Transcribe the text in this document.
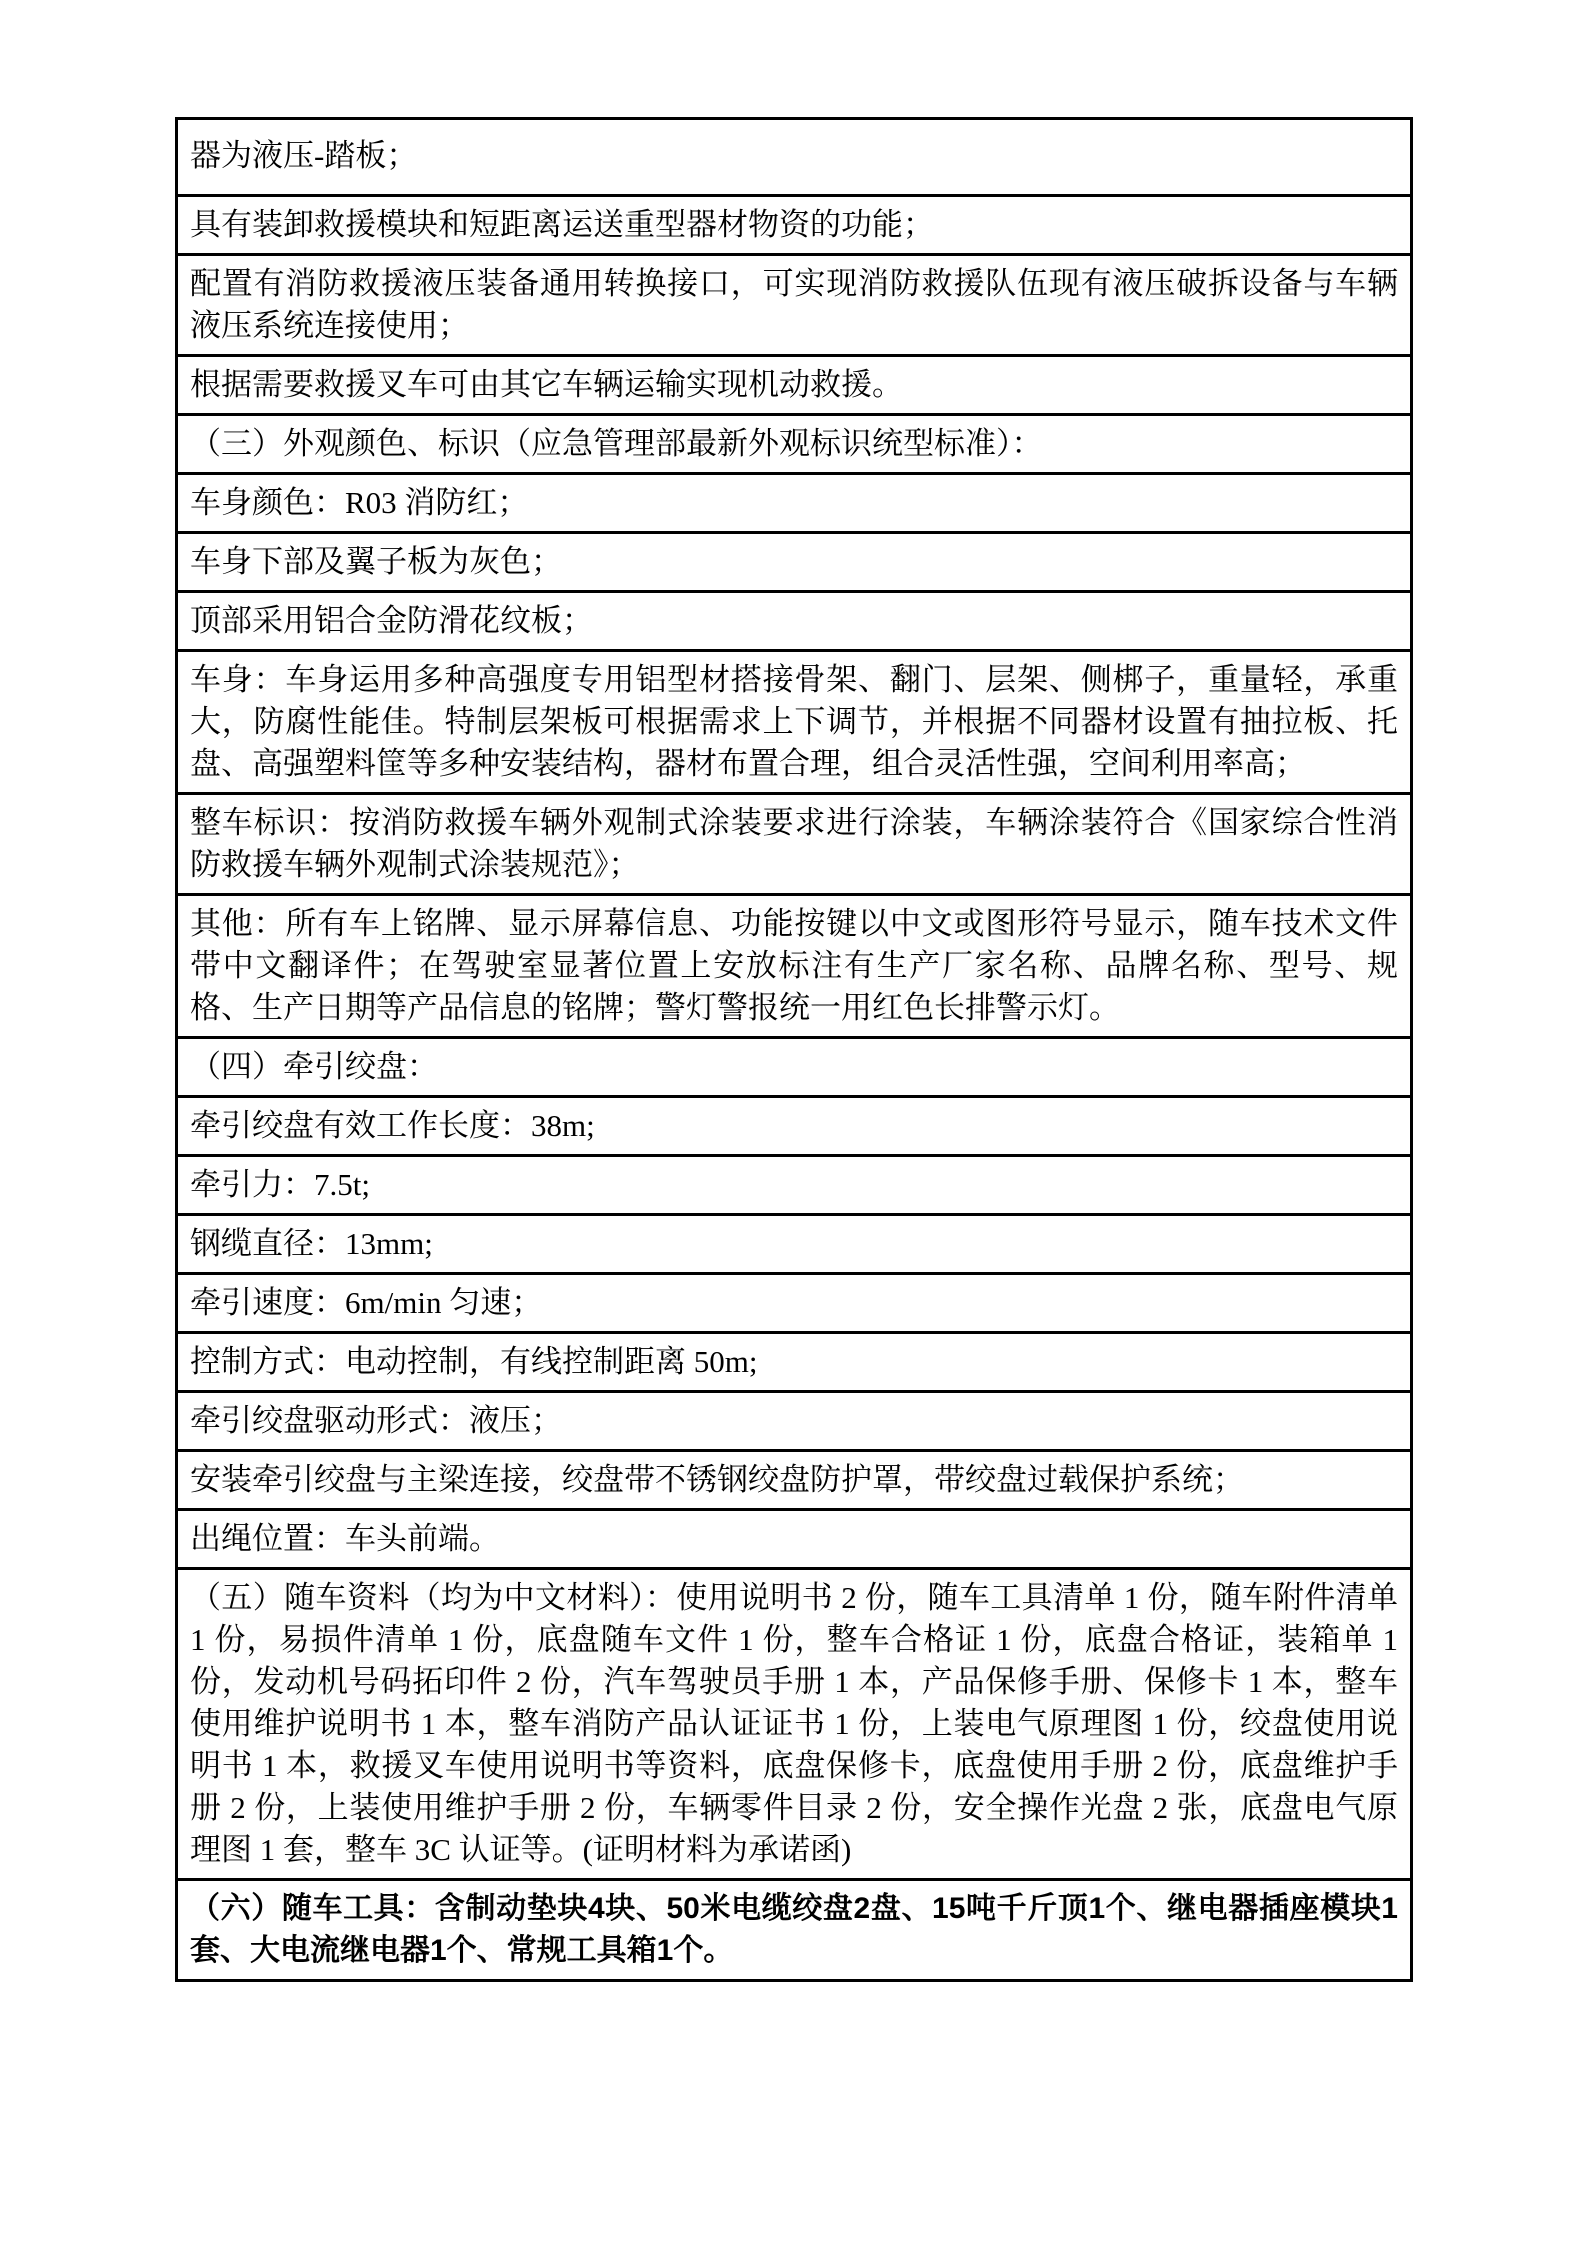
器为液压-踏板；
具有装卸救援模块和短距离运送重型器材物资的功能；
配置有消防救援液压装备通用转换接口，可实现消防救援队伍现有液压破拆设备与车辆液压系统连接使用；
根据需要救援叉车可由其它车辆运输实现机动救援。
（三）外观颜色、标识（应急管理部最新外观标识统型标准）：
车身颜色：R03 消防红；
车身下部及翼子板为灰色；
顶部采用铝合金防滑花纹板；
车身：车身运用多种高强度专用铝型材搭接骨架、翻门、层架、侧梆子，重量轻，承重大，防腐性能佳。特制层架板可根据需求上下调节，并根据不同器材设置有抽拉板、托盘、高强塑料筐等多种安装结构，器材布置合理，组合灵活性强，空间利用率高；
整车标识：按消防救援车辆外观制式涂装要求进行涂装，车辆涂装符合《国家综合性消防救援车辆外观制式涂装规范》；
其他：所有车上铭牌、显示屏幕信息、功能按键以中文或图形符号显示，随车技术文件带中文翻译件；在驾驶室显著位置上安放标注有生产厂家名称、品牌名称、型号、规格、生产日期等产品信息的铭牌；警灯警报统一用红色长排警示灯。
（四）牵引绞盘：
牵引绞盘有效工作长度：38m;
牵引力：7.5t;
钢缆直径：13mm;
牵引速度：6m/min 匀速；
控制方式：电动控制，有线控制距离 50m;
牵引绞盘驱动形式：液压；
安装牵引绞盘与主梁连接，绞盘带不锈钢绞盘防护罩，带绞盘过载保护系统；
出绳位置：车头前端。
（五）随车资料（均为中文材料）：使用说明书 2 份，随车工具清单 1 份，随车附件清单 1 份，易损件清单 1 份，底盘随车文件 1 份，整车合格证 1 份，底盘合格证，装箱单 1 份，发动机号码拓印件 2 份，汽车驾驶员手册 1 本，产品保修手册、保修卡 1 本，整车使用维护说明书 1 本，整车消防产品认证证书 1 份，上装电气原理图 1 份，绞盘使用说明书 1 本，救援叉车使用说明书等资料，底盘保修卡，底盘使用手册 2 份，底盘维护手册 2 份，上装使用维护手册 2 份，车辆零件目录 2 份，安全操作光盘 2 张，底盘电气原理图 1 套，整车 3C 认证等。(证明材料为承诺函)
（六）随车工具：含制动垫块4块、50米电缆绞盘2盘、15吨千斤顶1个、继电器插座模块1套、大电流继电器1个、常规工具箱1个。
